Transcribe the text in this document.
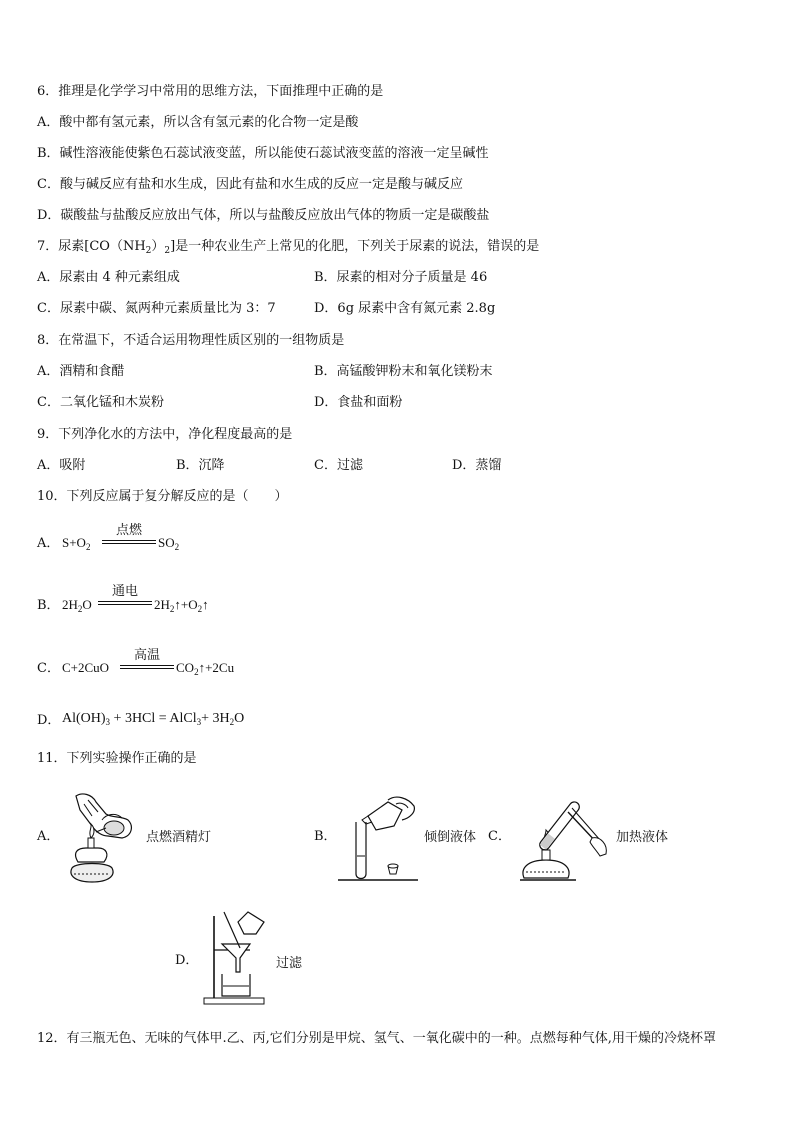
6．推理是化学学习中常用的思维方法，下面推理中正确的是
A．酸中都有氢元素，所以含有氢元素的化合物一定是酸
B．碱性溶液能使紫色石蕊试液变蓝，所以能使石蕊试液变蓝的溶液一定呈碱性
C．酸与碱反应有盐和水生成，因此有盐和水生成的反应一定是酸与碱反应
D．碳酸盐与盐酸反应放出气体，所以与盐酸反应放出气体的物质一定是碳酸盐
7．尿素$[CO(NH_2)_2]$是一种农业生产上常见的化肥，下列关于尿素的说法，错误的是
A．尿素由 4 种元素组成	B．尿素的相对分子质量是 46
C．尿素中碳、氮两种元素质量比为 3：7	D．6g 尿素中含有氮元素 2.8g
8．在常温下，不适合运用物理性质区别的一组物质是
A．酒精和食醋	B．高锰酸钾粉末和氧化镁粉末
C．二氧化锰和木炭粉	D．食盐和面粉
9．下列净化水的方法中，净化程度最高的是
A．吸附	B．沉降	C．过滤	D．蒸馏
10．下列反应属于复分解反应的是（　　）
A． $S+O_2$
点燃
$SO_2$
B． $2H_2O$
通电
$2H_2↑+O_2↑$
C． C+2CuO
高温
$CO_2↑+2Cu$
D． $Al(OH)_3 + 3HCl$ = AlCl$_3$+ $3H_2O$
11．下列实验操作正确的是
A．	点燃酒精灯	B．	倾倒液体 C．	加热液体
D．	过滤
12．有三瓶无色、无味的气体甲.乙、丙,它们分别是甲烷、氢气、一氧化碳中的一种。点燃每种气体,用干燥的冷烧杯罩
